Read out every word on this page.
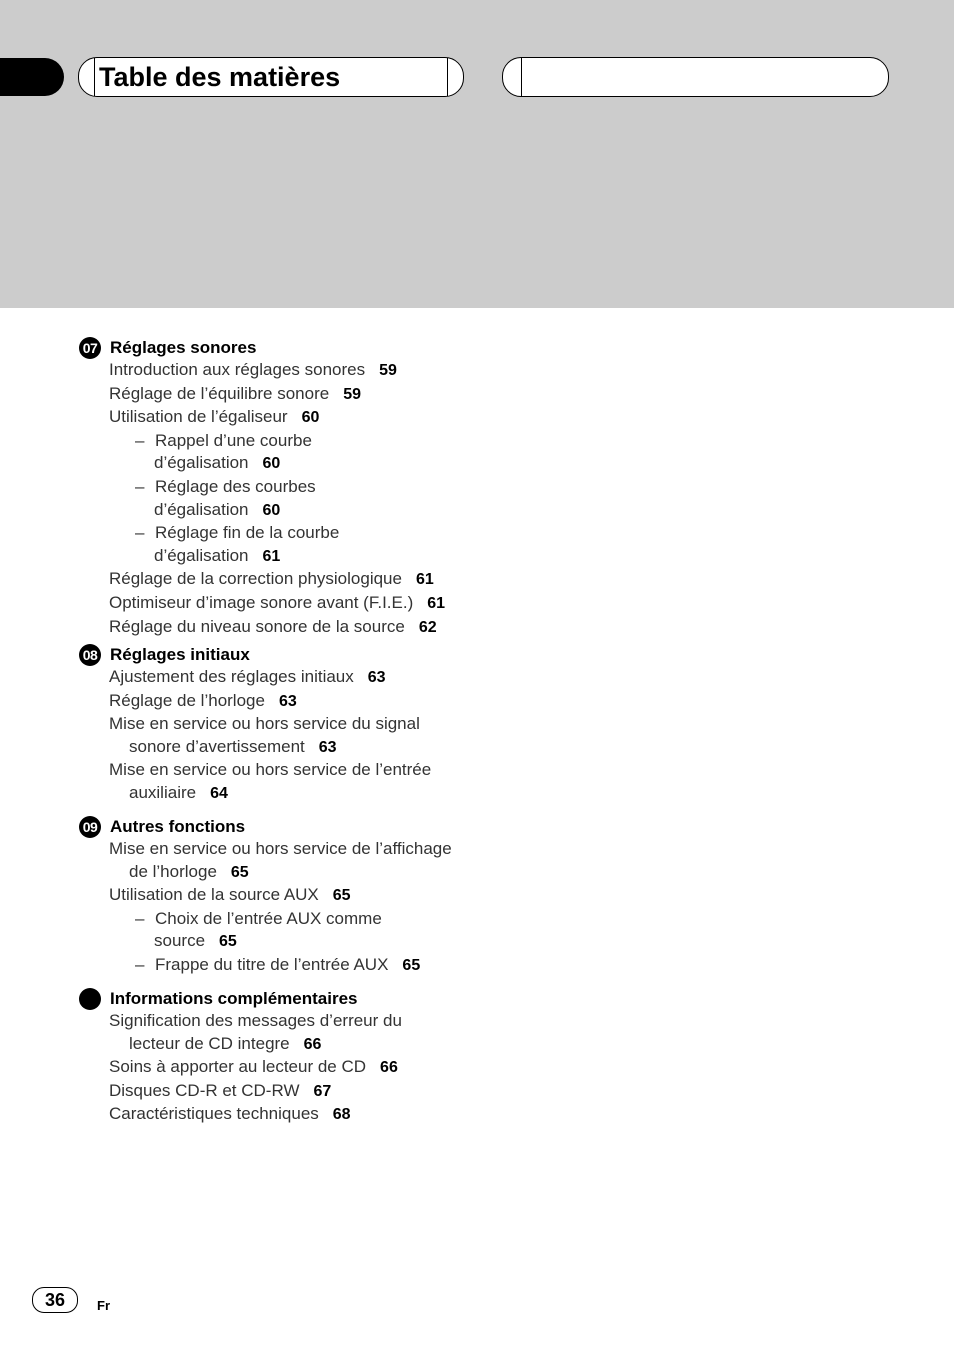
Table des matières
07 Réglages sonores
Introduction aux réglages sonores 59
Réglage de l’équilibre sonore 59
Utilisation de l’égaliseur 60
– Rappel d’une courbe
d’égalisation 60
– Réglage des courbes
d’égalisation 60
– Réglage fin de la courbe
d’égalisation 61
Réglage de la correction physiologique 61
Optimiseur d’image sonore avant (F.I.E.) 61
Réglage du niveau sonore de la source 62
08 Réglages initiaux
Ajustement des réglages initiaux 63
Réglage de l’horloge 63
Mise en service ou hors service du signal
sonore d’avertissement 63
Mise en service ou hors service de l’entrée
auxiliaire 64
09 Autres fonctions
Mise en service ou hors service de l’affichage
de l’horloge 65
Utilisation de la source AUX 65
– Choix de l’entrée AUX comme
source 65
– Frappe du titre de l’entrée AUX 65
Informations complémentaires
Signification des messages d’erreur du
lecteur de CD integre 66
Soins à apporter au lecteur de CD 66
Disques CD-R et CD-RW 67
Caractéristiques techniques 68
36	Fr
